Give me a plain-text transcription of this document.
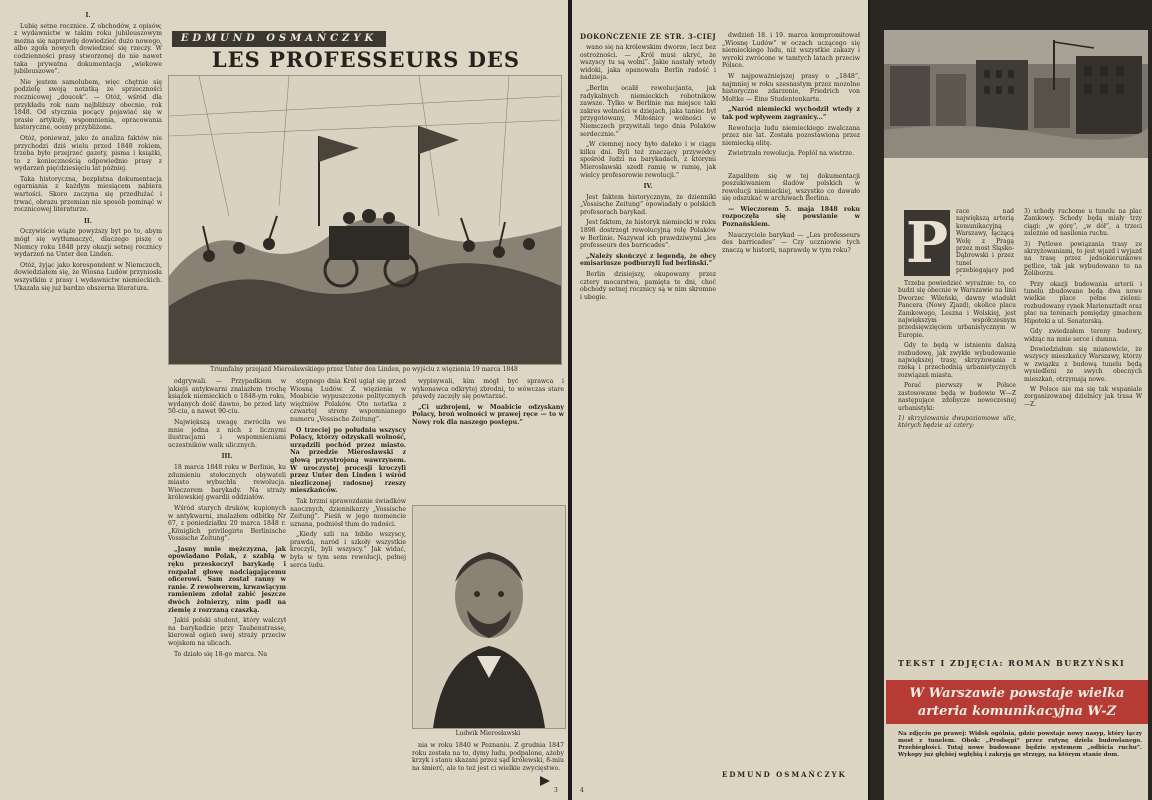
I.

Lubię setne rocznice. Z obchodów, z opisów, z wydawnictw w takim roku jubileuszowym można się naprawdę dowiedzieć dużo nowego, albo zgoła nowych dowiedzieć się rzeczy. W codzienności prasy stworzonej do nie nawet taka prywatna dokumentacja „wiekowe jubileuszowe”.

Nie jestem samolubem, więc chętnie się podzielę swoją notatką ze sprzeczności rocznicowej „doucek”. — Otóż, wśród dla przykładu rok nam najbliższy obecnie, rok 1848. Od stycznia pocący pojawiać się w prasie artykuły, wspomnienia, opracowania historyczne, oceny przybliżone.

Otóż, ponieważ, jako że analiza faktów nie przychodzi dziś wielu przed 1848 rokiem, trzeba było przejrzeć gazety, pisma i książki, to z koniecznością odpowiednio prasy z wydarzeń pięćdziesięciu lat później.

Taka historyczna, bezpłatna dokumentacja ogarniania z każdym miesiącem nabiera wartości. Skoro zaczyna się przedłużać i trwać, obrazu przemian nie sposób pominąć w rocznicowej literaturze.

II.

Oczywiście wiąże powyższy byt po to, abym mógł się wytłumaczyć, dlaczego piszę o Niemcy roku 1848 przy okazji setnej rocznicy wydarzeń na Unter den Linden.

Otóż, żyjąc jako korespondent w Niemczech, dowiedziałem się, że Wiosna Ludów przyniosła wszystkim z prasy i wydawnictw niemieckich. Ukazała się już bardzo obszerna literatura.

EDMUND OSMAŃCZYK
LES PROFESSEURS DES
Triumfalny przejazd Mierosławskiego przez Unter den Linden, po wyjściu z więzienia 19 marca 1848

odgrywali. — Przypadkiem w jakiejś antykwarni znalazłem trochę książek niemieckich o 1848-ym roku, wydanych dość dawno, bo przed laty 50-ciu, a nawet 90-ciu.

Największą uwagę zwróciła we mnie jedna z nich z licznymi ilustracjami i wspomnieniami uczestników walk ulicznych.

III.

18 marca 1848 roku w Berlinie, ku zdumieniu stołecznych obywateli miasto wybuchła rewolucja. Wieczorem barykady. Na straży królewskiej gwardii oddziałów.

Wśród starych druków, kupionych w antykwarni, znalazłem odbitkę Nr 67, z poniedziałku 20 marca 1848 r. „Königlich privilegirte Berlinische Vossische Zeitung”.

„Jasny mnie mężczyzna, jak opowiadano Polak, z szablą w ręku przeskoczył barykadę i rozpalał głowę nadciągającemu oficerowi. Sam został ranny w ranie. Z rewolwerem, krwawiącym ramieniem zdołał zabić jeszcze dwóch żołnierzy, nim padł na ziemię z rozrzaną czaszką.

Jakiś polski student, który walczył na barykadzie przy Taubenstrasse, kierował ogień swej straży przeciw wojskom na ulicach.

To działo się 18-go marca. Na

stępnego dnia Król ugiął się przed Wiosną Ludów. Z więzienia w Moabicie wypuszczono politycznych więźniów Polaków. Oto notatka z czwartej strony wspomnianego numeru „Vossische Zeitung”.

O trzeciej po południu wszyscy Polacy, którzy odzyskali wolność, urządzili pochód przez miasto. Na przedzie Mierosławski z głową przystrojoną wawrzynem. W uroczystej procesji kroczyli przez Unter den Linden i wśród niezliczonej radosnej rzeszy mieszkańców.

Tak brzmi sprawozdanie świadków naocznych, dziennikarzy „Vossische Zeitung”. Pieśń w jego momencie uznana, podniósł tłum do radości.

„Kiedy szli na biblio wszyscy, prawda, naród i szkoły wszystkie kroczyli, byli wszyscy.” Jak widać, była w tym sens rewolucji, pełnej serca ludu.

wypisywali, kim mógł być sprawca i wykonawca odkrytej zbrodni, to wówczas stare prawdy zaczęły się powtarzać.

„Ci uzbrojeni, w Moabicie odzyskany Polacy, broń wolności w prawej ręce — to w Nowy rok dla naszego postępu.”

Ludwik Mierosławski

nia w roku 1840 w Poznaniu. Z grudnia 1847 roku została na to, dymy ludu, podpalone, ażeby krzyk i stanu skazani przez sąd królewski, 8-miu na śmierć, ale to też jest ci wielkie zwycięstwo.

3
DOKOŃCZENIE ZE STR. 3-CIEJ

wano się na królewskim dworze, lecz bez ostrożności. — „Król musi ukryć, że wszyscy tu są wolni”. Jakie nastały wtedy widoki, jaka opanowała Berlin radość i nadzieja.

„Berlin ocalił rewolucjanta, jak radykalnych niemieckich robotników zawsze. Tylko w Berlinie ma miejsce taki zakres wolności w dziejach, jaka taniec był przygotowany, Miłośnicy wolności w Niemczech przywitali tego dnia Polaków serdecznie.”

„W ciemnej nocy było daleko i w ciągu kilku dni. Byli też znaczący przywódcy spośród ludzi na barykadach, z którymi Mierosławski szedł ramię w ramię, jak wielcy profesorowie rewolucji.”

IV.

Jest faktem historycznym, że dzienniki „Vossische Zeitung” opowiadały o polskich profesorach barykad.

Jest faktem, że historyk niemiecki w roku 1898 dostrzegł rewolucyjną rolę Polaków w Berlinie. Nazywał ich prawdziwymi „les professeurs des barricades”.

„Należy skończyć z legendą, że obcy emisariusze podburzyli lud berliński.”

Berlin dzisiejszy, okupowany przez cztery mocarstwa, pamięta te dni, choć obchody setnej rocznicy są w nim skromne i ubogie.

dwdzień 18. i 19. marca kompromitował „Wiosnę Ludów” w oczach uczącego się niemieckiego ludu, niż wszystkie zakazy i wyroki zwrócone w tamtych latach przeciw Polsce.

W najpoważniejszej prasy o „1848”, najmniej w roku szesnastym przez mozolne historyczne zdarzenie, Friedrich von Moltke — Eine Studentenkarte.

„Naród niemiecki wychodził wtedy z tak pod wpływem zagranicy...”

Rewolucja ludu niemieckiego zwalczana przez nie lat. Została pozostawiona przez niemiecką elitę.

Zwietrzała rewolucja. Poplól na wietrze.

Zapaliłem się w tej dokumentacji poszukiwaniem śladów polskich w rewolucji niemieckiej, wszystko co dawało się odszukać w archiwach Berlina.

— Wieczorem 5. maja 1848 roku rozpoczęła się powstanie w Poznańskiem.

Nauczyciele barykad — „Les professeurs des barricades” — Czy uczniowie tych znaczą w historii, naprawdę w tym roku?

EDMUND OSMAŃCZYK
4
P	race nad największą arterią komunikacyjną Warszawy, łączącą Wolę z Pragą przez most Śląsko-Dąbrowski i przez tunel przebiegający pod

Trzeba powiedzieć wyraźnie: to, co budzi się obecnie w Warszawie na linii Dworzec Wileński, dawny wiadukt Pancera (Nowy Zjazd), okolice placu Zamkowego, Leszna i Wolskiej, jest największym współczesnym przedsięwzięciem urbanistycznym w Europie.

Gdy to będą w istnieniu dalszą rozbudowę, jak zwykłe wybudowanie największej trasy, skrzyżowania z rzeką i przechodnią urbanistycznych rozwiązań miasta.

Porać pierwszy w Polsce zastosowane będą w budowie W—Z następujące zdobycze nowoczesnej urbanistyki:

1) skrzyżowania dwupoziomowe ulic, których będzie aż cztery:

3) schody ruchome u tunelu na plac Zamkowy. Schody będą miały trzy ciągi: „w górę”, „w dół”, a trzeci zależnie od nasilenia ruchu.

3) Pętlowe powiązania trasy ze skrzyżowaniami, to jest wjazd i wyjazd na trasę przez jednokierunkowe pętlice, tak jak wybudowano to na Żoliborzu.

Przy okazji budowania arterii i tunelu zbudowane będą dwa nowe wielkie place pełne zieleni: rozbudowany rynek Mariensztadt oraz plac na terenach pomiędzy gmachem Hipoteki a ul. Senatorską.

Gdy zwiedzałem tereny budowy, widząc na mnie serce i dumna.

Dowiedziałem się mianowicie, że wszyscy mieszkańcy Warszawy, którzy w związku z budową tunelu będą wysiedleni ze swych obecnych mieszkań, otrzymają nowe.

W Polsce nie ma się tak wspaniale zorganizowanej dzielnicy jak trasa W—Z.

TEKST I ZDJĘCIA: ROMAN BURZYŃSKI
W Warszawie powstaje wielka arteria komunikacyjna W-Z
Na zdjęciu po prawej: Widok ogólnia, gdzie powstaje nowy nasyp, który łączy most z tunelem. Obok: „Prodsępi” przez rutynę dzieła budowlanego. Przebiegłości. Tutaj nowe budowane będzie systemem „odbicia ruchu”. Wykopy już głębiej wgłębią i zakryją go strzępy, na którym stanie dom.
